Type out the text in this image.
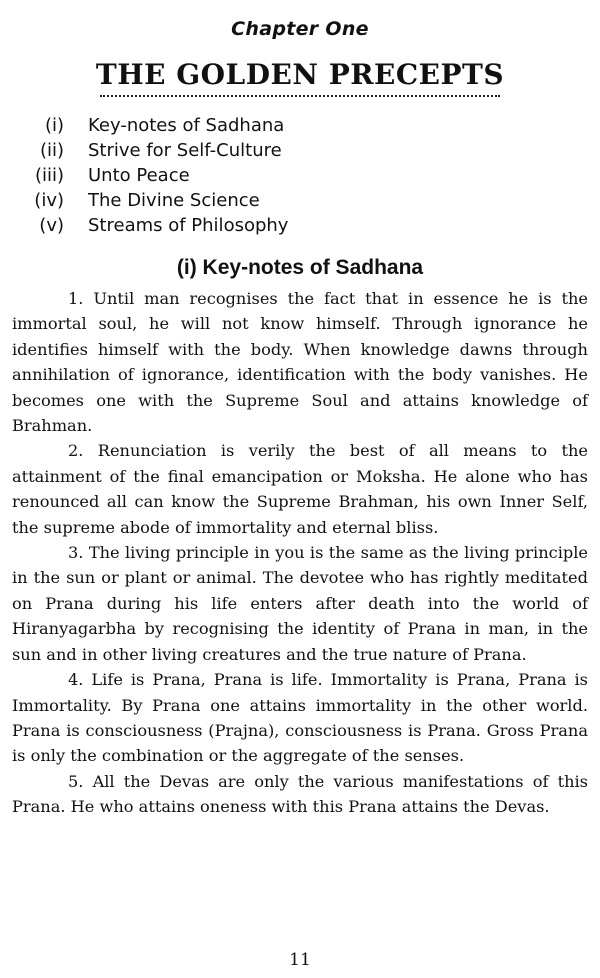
Chapter One
THE GOLDEN PRECEPTS
(i) Key-notes of Sadhana
(ii) Strive for Self-Culture
(iii) Unto Peace
(iv) The Divine Science
(v) Streams of Philosophy
(i) Key-notes of Sadhana

1. Until man recognises the fact that in essence he is the immortal soul, he will not know himself. Through ignorance he identifies himself with the body. When knowledge dawns through annihilation of ignorance, identification with the body vanishes. He becomes one with the Supreme Soul and attains knowledge of Brahman.

2. Renunciation is verily the best of all means to the attainment of the final emancipation or Moksha. He alone who has renounced all can know the Supreme Brahman, his own Inner Self, the supreme abode of immortality and eternal bliss.

3. The living principle in you is the same as the living principle in the sun or plant or animal. The devotee who has rightly meditated on Prana during his life enters after death into the world of Hiranyagarbha by recognising the identity of Prana in man, in the sun and in other living creatures and the true nature of Prana.

4. Life is Prana, Prana is life. Immortality is Prana, Prana is Immortality. By Prana one attains immortality in the other world. Prana is consciousness (Prajna), consciousness is Prana. Gross Prana is only the combination or the aggregate of the senses.

5. All the Devas are only the various manifestations of this Prana. He who attains oneness with this Prana attains the Devas.

11
